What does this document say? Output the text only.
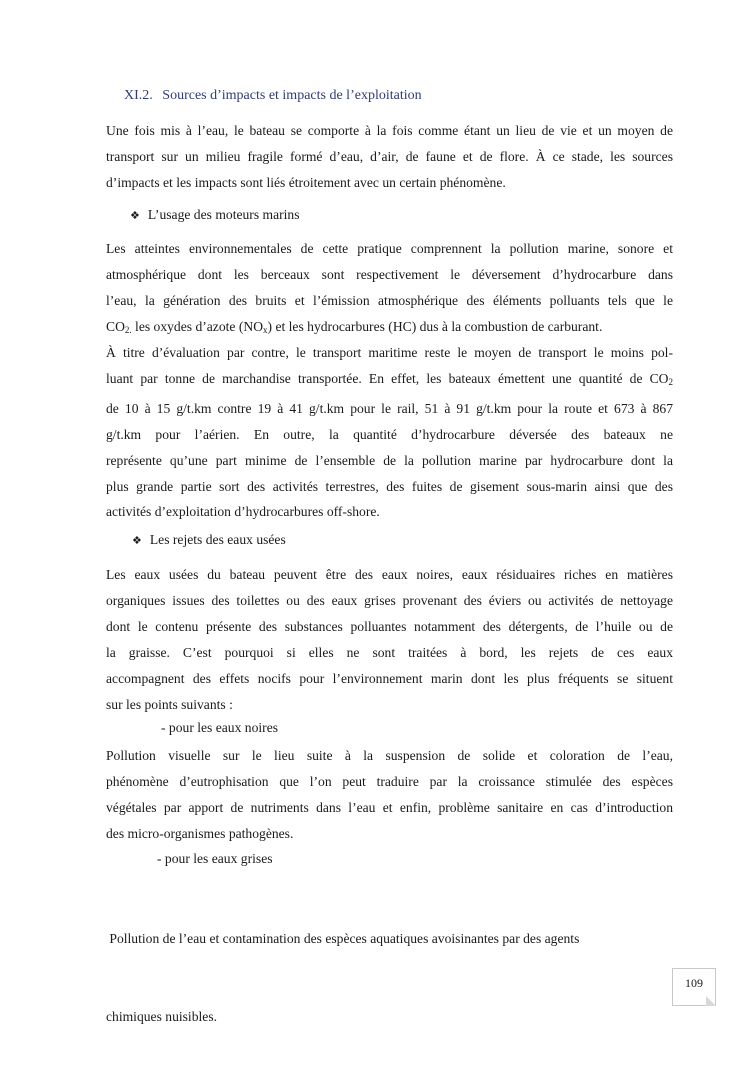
XI.2. Sources d’impacts et impacts de l’exploitation
Une fois mis à l’eau, le bateau se comporte à la fois comme étant un lieu de vie et un moyen de
transport sur un milieu fragile formé d’eau, d’air, de faune et de flore. À ce stade, les sources
d’impacts et les impacts sont liés étroitement avec un certain phénomène.
❖ L’usage des moteurs marins
Les atteintes environnementales de cette pratique comprennent la pollution marine, sonore et
atmosphérique dont les berceaux sont respectivement le déversement d’hydrocarbure dans
l’eau, la génération des bruits et l’émission atmosphérique des éléments polluants tels que le
$CO_{2.}$ les oxydes d’azote $(NO_x)$ et les hydrocarbures (HC) dus à la combustion de carburant.
À titre d’évaluation par contre, le transport maritime reste le moyen de transport le moins pol-
luant par tonne de marchandise transportée. En effet, les bateaux émettent une quantité de $CO_2$
de 10 à 15 g/t.km contre 19 à 41 g/t.km pour le rail, 51 à 91 g/t.km pour la route et 673 à 867
g/t.km pour l’aérien. En outre, la quantité d’hydrocarbure déversée des bateaux ne
représente qu’une part minime de l’ensemble de la pollution marine par hydrocarbure dont la
plus grande partie sort des activités terrestres, des fuites de gisement sous-marin ainsi que des
activités d’exploitation d’hydrocarbures off-shore.
❖ Les rejets des eaux usées
Les eaux usées du bateau peuvent être des eaux noires, eaux résiduaires riches en matières
organiques issues des toilettes ou des eaux grises provenant des éviers ou activités de nettoyage
dont le contenu présente des substances polluantes notamment des détergents, de l’huile ou de
la graisse. C’est pourquoi si elles ne sont traitées à bord, les rejets de ces eaux
accompagnent des effets nocifs pour l’environnement marin dont les plus fréquents se situent
sur les points suivants :
- pour les eaux noires
Pollution visuelle sur le lieu suite à la suspension de solide et coloration de l’eau,
phénomène d’eutrophisation que l’on peut traduire par la croissance stimulée des espèces
végétales par apport de nutriments dans l’eau et enfin, problème sanitaire en cas d’introduction
des micro-organismes pathogènes.
- pour les eaux grises

Pollution de l’eau et contamination des espèces aquatiques avoisinantes par des agents

chimiques nuisibles.

109
